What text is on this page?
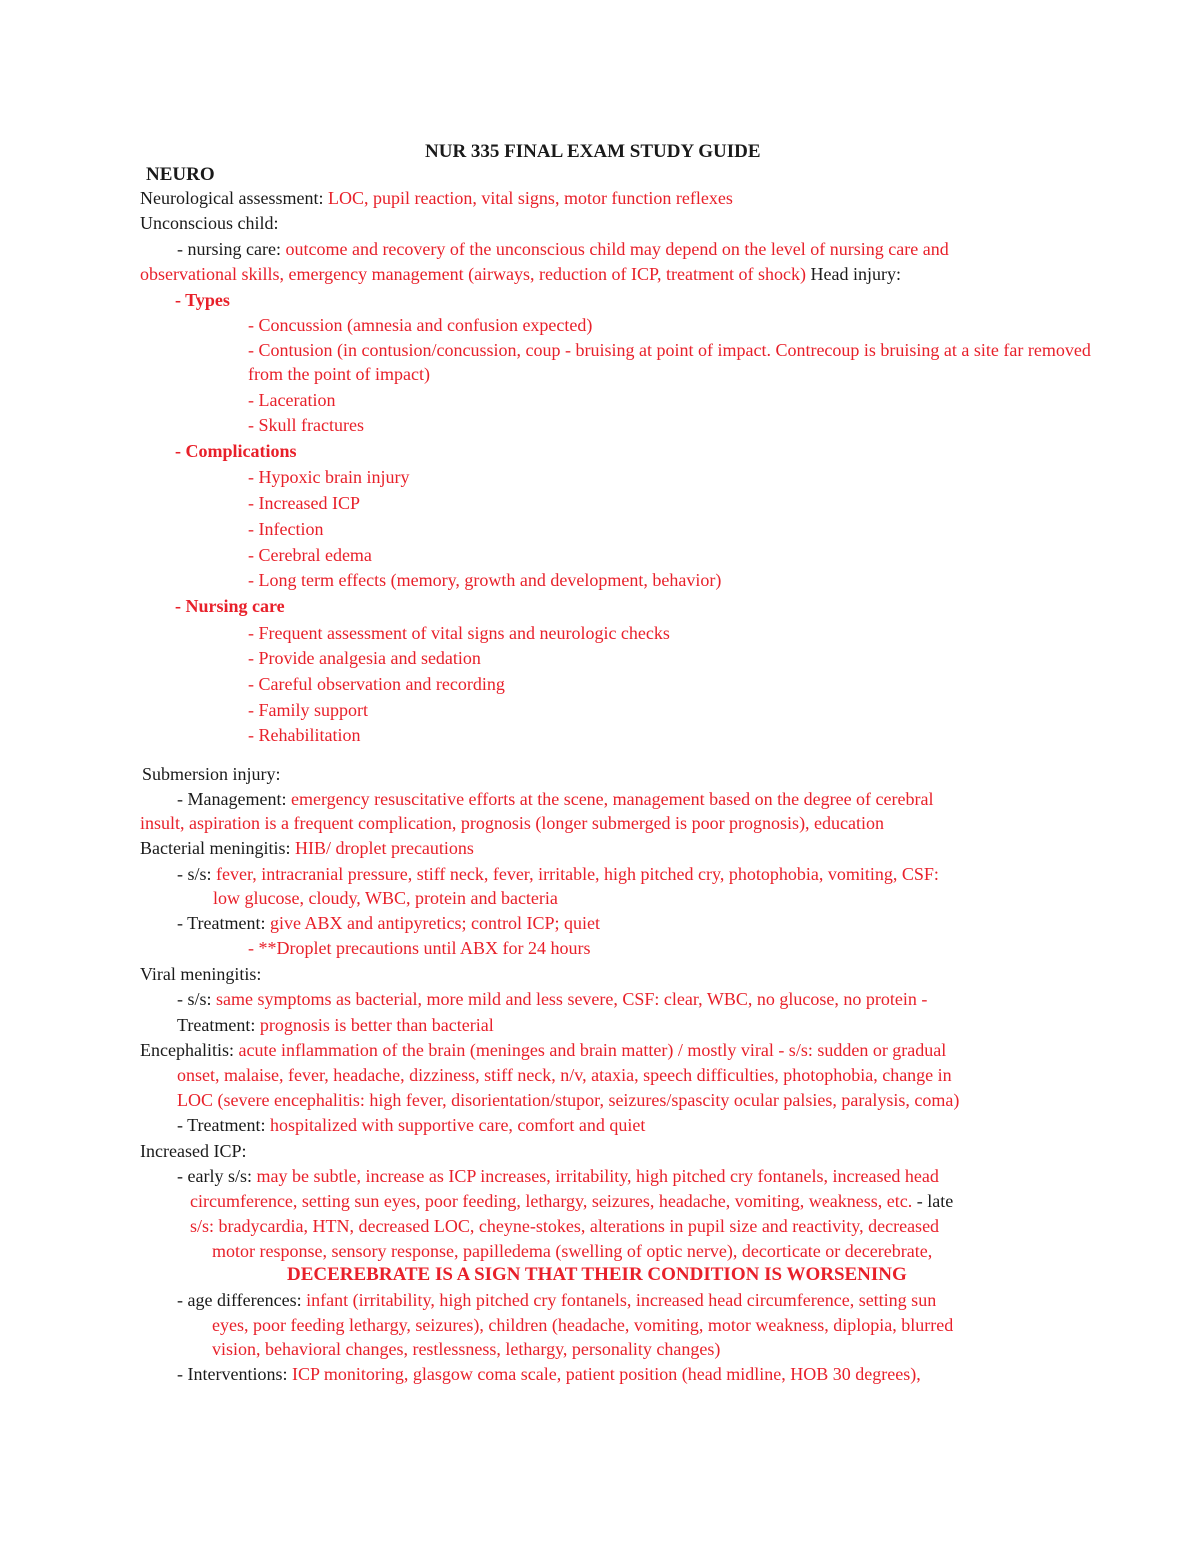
NUR 335 FINAL EXAM STUDY GUIDE
NEURO
Neurological assessment: LOC, pupil reaction, vital signs, motor function reflexes
Unconscious child:
- nursing care: outcome and recovery of the unconscious child may depend on the level of nursing care and
observational skills, emergency management (airways, reduction of ICP, treatment of shock) Head injury:
- Types
- Concussion (amnesia and confusion expected)
- Contusion (in contusion/concussion, coup - bruising at point of impact. Contrecoup is bruising at a site far removed
from the point of impact)
- Laceration
- Skull fractures
- Complications
- Hypoxic brain injury
- Increased ICP
- Infection
- Cerebral edema
- Long term effects (memory, growth and development, behavior)
- Nursing care
- Frequent assessment of vital signs and neurologic checks
- Provide analgesia and sedation
- Careful observation and recording
- Family support
- Rehabilitation
Submersion injury:
- Management: emergency resuscitative efforts at the scene, management based on the degree of cerebral
insult, aspiration is a frequent complication, prognosis (longer submerged is poor prognosis), education
Bacterial meningitis: HIB/ droplet precautions
- s/s: fever, intracranial pressure, stiff neck, fever, irritable, high pitched cry, photophobia, vomiting, CSF:
low glucose, cloudy, WBC, protein and bacteria
- Treatment: give ABX and antipyretics; control ICP; quiet
- **Droplet precautions until ABX for 24 hours
Viral meningitis:
- s/s: same symptoms as bacterial, more mild and less severe, CSF: clear, WBC, no glucose, no protein -
Treatment: prognosis is better than bacterial
Encephalitis: acute inflammation of the brain (meninges and brain matter) / mostly viral - s/s: sudden or gradual
onset, malaise, fever, headache, dizziness, stiff neck, n/v, ataxia, speech difficulties, photophobia, change in
LOC (severe encephalitis: high fever, disorientation/stupor, seizures/spascity ocular palsies, paralysis, coma)
- Treatment: hospitalized with supportive care, comfort and quiet
Increased ICP:
- early s/s: may be subtle, increase as ICP increases, irritability, high pitched cry fontanels, increased head
circumference, setting sun eyes, poor feeding, lethargy, seizures, headache, vomiting, weakness, etc. - late
s/s: bradycardia, HTN, decreased LOC, cheyne-stokes, alterations in pupil size and reactivity, decreased
motor response, sensory response, papilledema (swelling of optic nerve), decorticate or decerebrate,
DECEREBRATE IS A SIGN THAT THEIR CONDITION IS WORSENING
- age differences: infant (irritability, high pitched cry fontanels, increased head circumference, setting sun
eyes, poor feeding lethargy, seizures), children (headache, vomiting, motor weakness, diplopia, blurred
vision, behavioral changes, restlessness, lethargy, personality changes)
- Interventions: ICP monitoring, glasgow coma scale, patient position (head midline, HOB 30 degrees),
